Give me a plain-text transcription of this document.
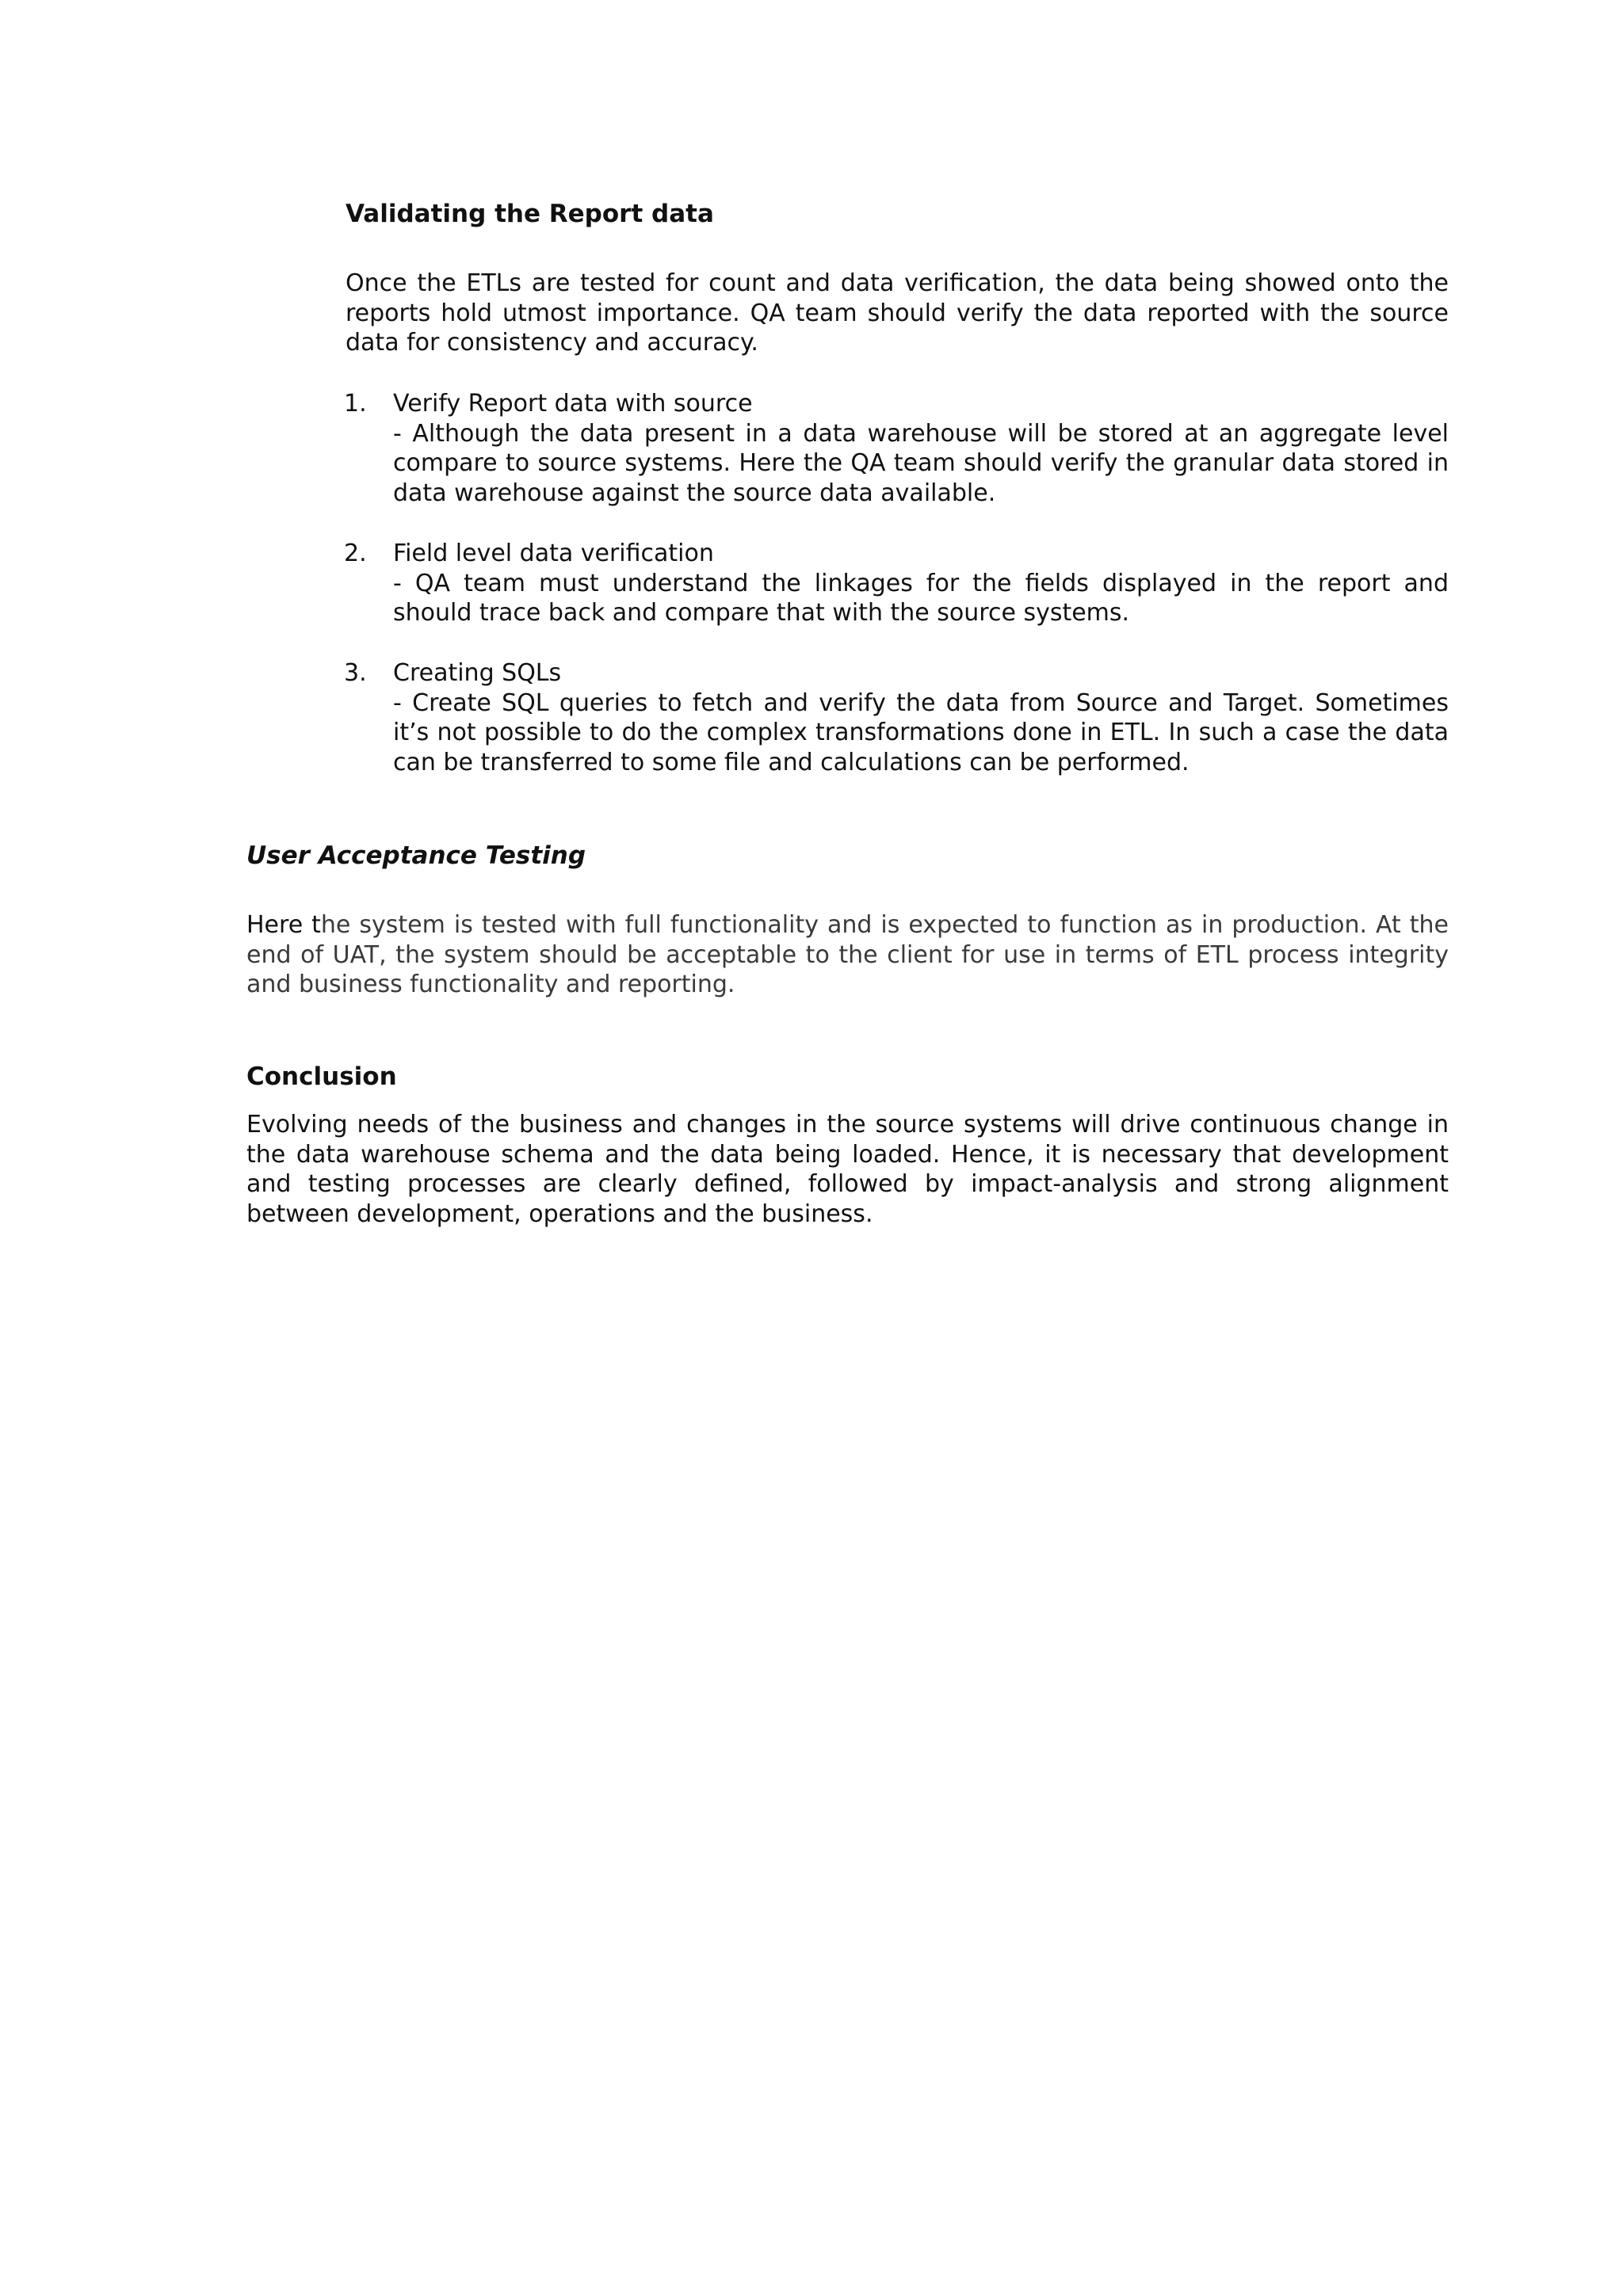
Validating the Report data

Once the ETLs are tested for count and data verification, the data being showed onto the reports hold utmost importance. QA team should verify the data reported with the source data for consistency and accuracy.

1.	Verify Report data with source
- Although the data present in a data warehouse will be stored at an aggregate level compare to source systems. Here the QA team should verify the granular data stored in data warehouse against the source data available.
2.	Field level data verification
- QA team must understand the linkages for the fields displayed in the report and should trace back and compare that with the source systems.
3.	Creating SQLs
- Create SQL queries to fetch and verify the data from Source and Target. Sometimes it’s not possible to do the complex transformations done in ETL. In such a case the data can be transferred to some file and calculations can be performed.
User Acceptance Testing

Here the system is tested with full functionality and is expected to function as in production. At the end of UAT, the system should be acceptable to the client for use in terms of ETL process integrity and business functionality and reporting.

Conclusion

Evolving needs of the business and changes in the source systems will drive continuous change in the data warehouse schema and the data being loaded. Hence, it is necessary that development and testing processes are clearly defined, followed by impact-analysis and strong alignment between development, operations and the business.
